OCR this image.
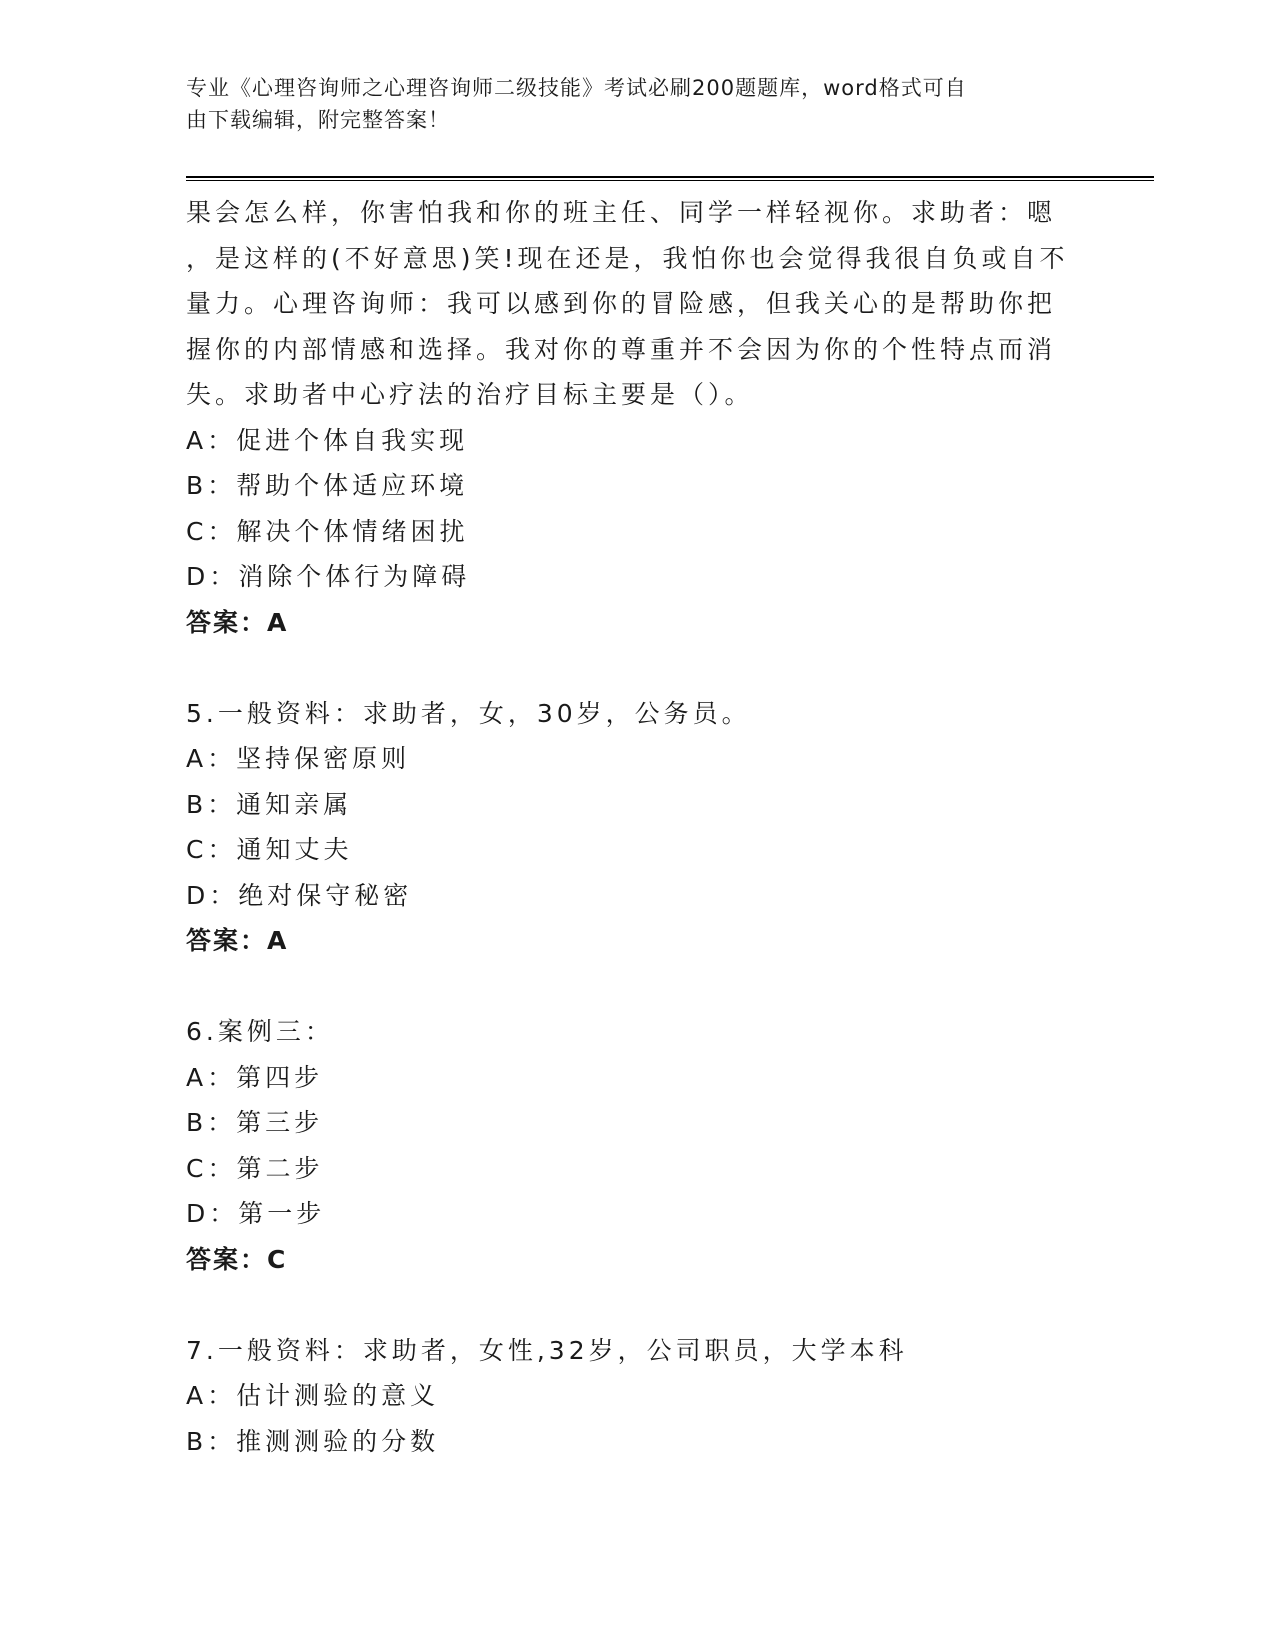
专业《心理咨询师之心理咨询师二级技能》考试必刷200题题库，word格式可自
由下载编辑，附完整答案！
果会怎么样，你害怕我和你的班主任、同学一样轻视你。求助者：嗯
，是这样的(不好意思)笑!现在还是，我怕你也会觉得我很自负或自不
量力。心理咨询师：我可以感到你的冒险感，但我关心的是帮助你把
握你的内部情感和选择。我对你的尊重并不会因为你的个性特点而消
失。求助者中心疗法的治疗目标主要是（）。
A：促进个体自我实现
B：帮助个体适应环境
C：解决个体情绪困扰
D：消除个体行为障碍
答案：A
5.一般资料：求助者，女，30岁，公务员。
A：坚持保密原则
B：通知亲属
C：通知丈夫
D：绝对保守秘密
答案：A
6.案例三：
A：第四步
B：第三步
C：第二步
D：第一步
答案：C
7.一般资料：求助者，女性,32岁，公司职员，大学本科
A：估计测验的意义
B：推测测验的分数
